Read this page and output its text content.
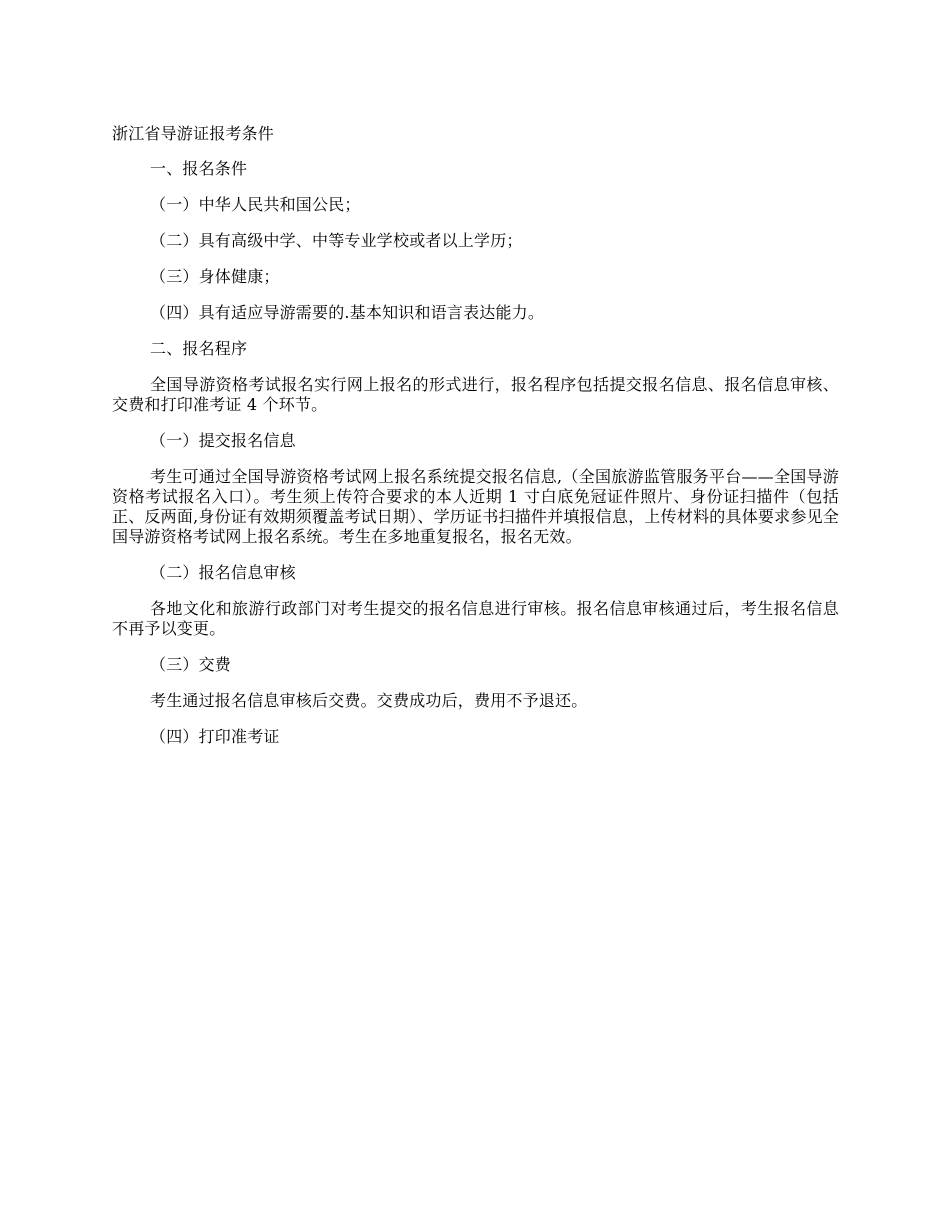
浙江省导游证报考条件

一、报名条件

（一）中华人民共和国公民；

（二）具有高级中学、中等专业学校或者以上学历；

（三）身体健康；

（四）具有适应导游需要的.基本知识和语言表达能力。

二、报名程序

全国导游资格考试报名实行网上报名的形式进行，报名程序包括提交报名信息、报名信息审核、交费和打印准考证 4 个环节。

（一）提交报名信息

考生可通过全国导游资格考试网上报名系统提交报名信息,（全国旅游监管服务平台——全国导游资格考试报名入口）。考生须上传符合要求的本人近期 1 寸白底免冠证件照片、身份证扫描件（包括正、反两面,身份证有效期须覆盖考试日期）、学历证书扫描件并填报信息，上传材料的具体要求参见全国导游资格考试网上报名系统。考生在多地重复报名，报名无效。

（二）报名信息审核

各地文化和旅游行政部门对考生提交的报名信息进行审核。报名信息审核通过后，考生报名信息不再予以变更。

（三）交费

考生通过报名信息审核后交费。交费成功后，费用不予退还。

（四）打印准考证
